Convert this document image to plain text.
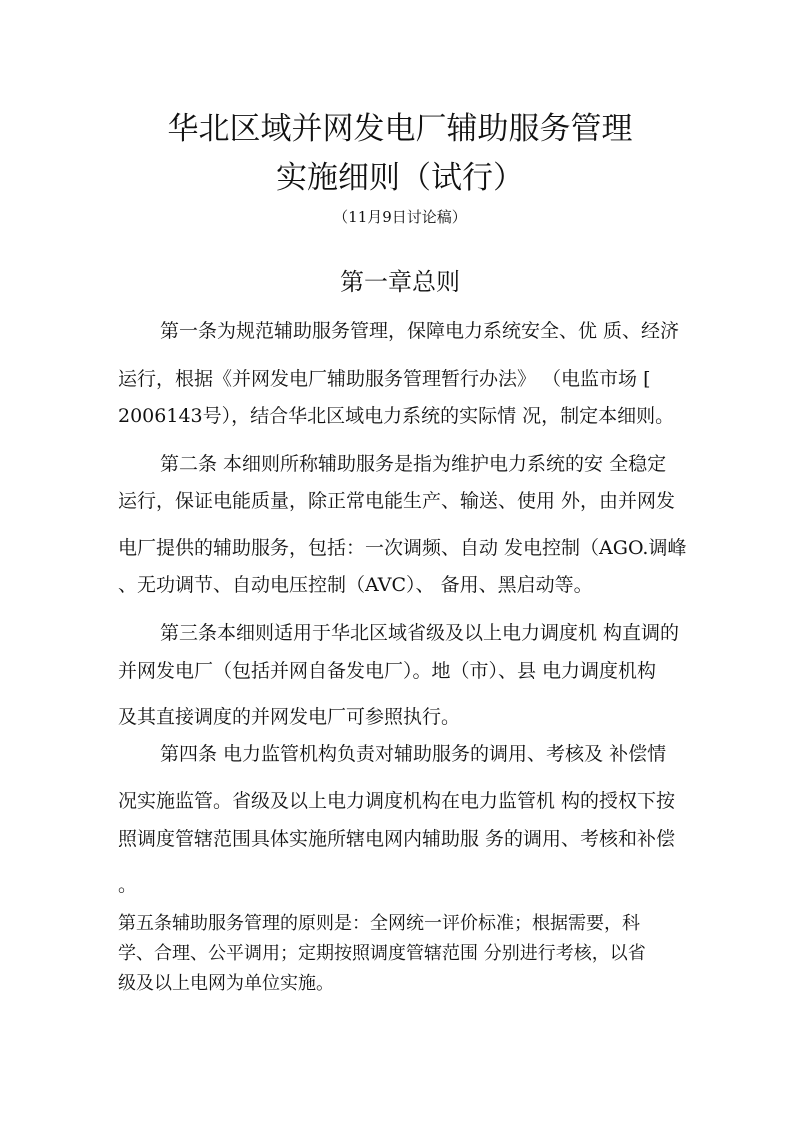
华北区域并网发电厂辅助服务管理
实施细则（试行）
（11月9日讨论稿）
第一章总则

第一条为规范辅助服务管理，保障电力系统安全、优 质、经济

运行，根据《并网发电厂辅助服务管理暂行办法》 （电监市场 [

2006143号），结合华北区域电力系统的实际情 况，制定本细则。

第二条 本细则所称辅助服务是指为维护电力系统的安 全稳定

运行，保证电能质量，除正常电能生产、输送、使用 外，由并网发

电厂提供的辅助服务，包括：一次调频、自动 发电控制（AGO.调峰

、无功调节、自动电压控制（AVC）、 备用、黑启动等。

第三条本细则适用于华北区域省级及以上电力调度机 构直调的

并网发电厂（包括并网自备发电厂）。地（市）、县 电力调度机构

及其直接调度的并网发电厂可参照执行。

第四条 电力监管机构负责对辅助服务的调用、考核及 补偿情

况实施监管。省级及以上电力调度机构在电力监管机 构的授权下按

照调度管辖范围具体实施所辖电网内辅助服 务的调用、考核和补偿

。

第五条辅助服务管理的原则是：全网统一评价标准；根据需要，科

学、合理、公平调用；定期按照调度管辖范围 分别进行考核，以省

级及以上电网为单位实施。
